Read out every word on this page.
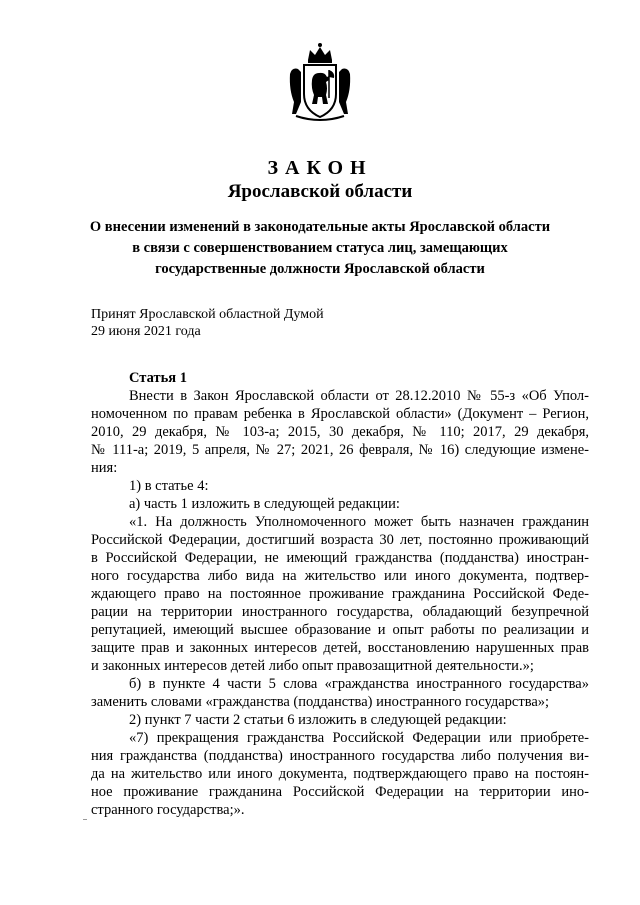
ЗАКОН
Ярославской области
О внесении изменений в законодательные акты Ярославской области
в связи с совершенствованием статуса лиц, замещающих
государственные должности Ярославской области
Принят Ярославской областной Думой
29 июня 2021 года
Статья 1
Внести в Закон Ярославской области от 28.12.2010 № 55-з «Об Упол-
номоченном по правам ребенка в Ярославской области» (Документ – Регион,
2010, 29 декабря, № 103-а; 2015, 30 декабря, № 110; 2017, 29 декабря,
№ 111-а; 2019, 5 апреля, № 27; 2021, 26 февраля, № 16) следующие измене-
ния:
1) в статье 4:
а) часть 1 изложить в следующей редакции:
«1. На должность Уполномоченного может быть назначен гражданин
Российской Федерации, достигший возраста 30 лет, постоянно проживающий
в Российской Федерации, не имеющий гражданства (подданства) иностран-
ного государства либо вида на жительство или иного документа, подтвер-
ждающего право на постоянное проживание гражданина Российской Феде-
рации на территории иностранного государства, обладающий безупречной
репутацией, имеющий высшее образование и опыт работы по реализации и
защите прав и законных интересов детей, восстановлению нарушенных прав
и законных интересов детей либо опыт правозащитной деятельности.»;
б) в пункте 4 части 5 слова «гражданства иностранного государства»
заменить словами «гражданства (подданства) иностранного государства»;
2) пункт 7 части 2 статьи 6 изложить в следующей редакции:
«7) прекращения гражданства Российской Федерации или приобрете-
ния гражданства (подданства) иностранного государства либо получения ви-
да на жительство или иного документа, подтверждающего право на постоян-
ное проживание гражданина Российской Федерации на территории ино-
странного государства;».
